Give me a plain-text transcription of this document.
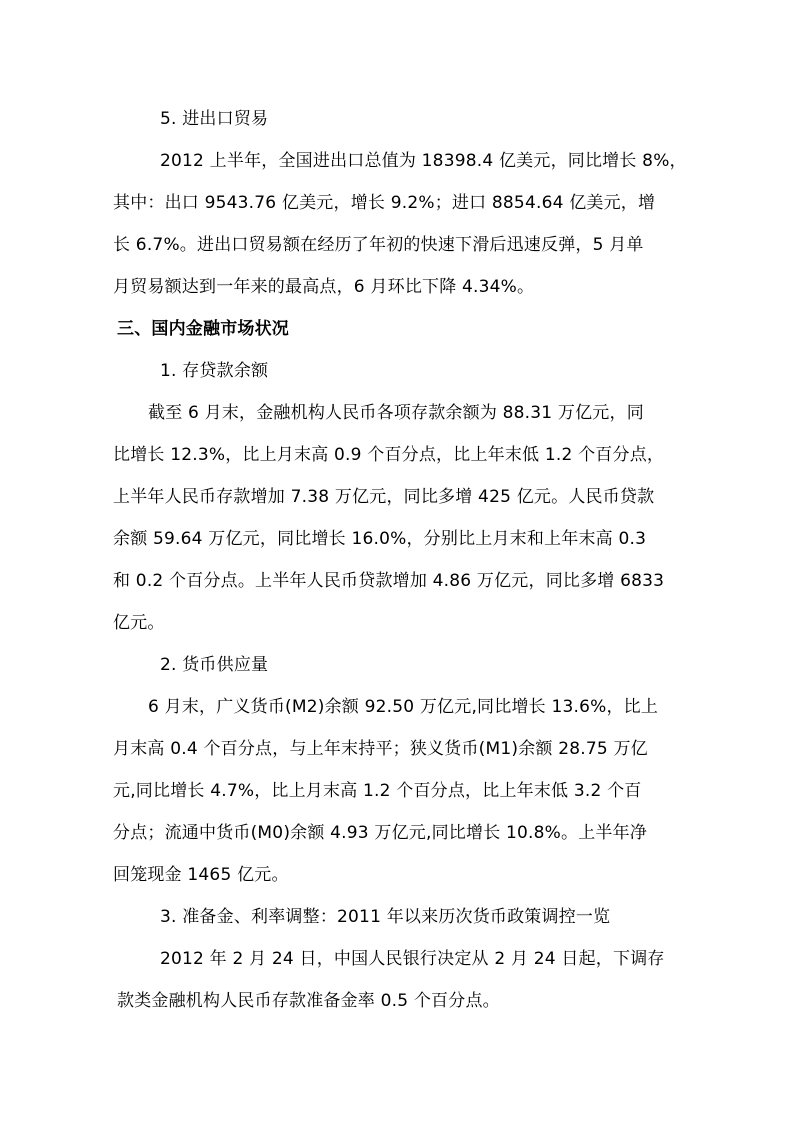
5. 进出口贸易
2012 上半年，全国进出口总值为 18398.4 亿美元，同比增长 8%，
其中：出口 9543.76 亿美元，增长 9.2%；进口 8854.64 亿美元，增
长 6.7%。进出口贸易额在经历了年初的快速下滑后迅速反弹，5 月单
月贸易额达到一年来的最高点，6 月环比下降 4.34%。
三、国内金融市场状况
1. 存贷款余额
截至 6 月末，金融机构人民币各项存款余额为 88.31 万亿元，同
比增长 12.3%，比上月末高 0.9 个百分点，比上年末低 1.2 个百分点，
上半年人民币存款增加 7.38 万亿元，同比多增 425 亿元。人民币贷款
余额 59.64 万亿元，同比增长 16.0%，分别比上月末和上年末高 0.3
和 0.2 个百分点。上半年人民币贷款增加 4.86 万亿元，同比多增 6833
亿元。
2. 货币供应量
6 月末，广义货币(M2)余额 92.50 万亿元,同比增长 13.6%，比上
月末高 0.4 个百分点，与上年末持平；狭义货币(M1)余额 28.75 万亿
元,同比增长 4.7%，比上月末高 1.2 个百分点，比上年末低 3.2 个百
分点；流通中货币(M0)余额 4.93 万亿元,同比增长 10.8%。上半年净
回笼现金 1465 亿元。
3. 准备金、利率调整：2011 年以来历次货币政策调控一览
2012 年 2 月 24 日，中国人民银行决定从 2 月 24 日起，下调存
款类金融机构人民币存款准备金率 0.5 个百分点。
